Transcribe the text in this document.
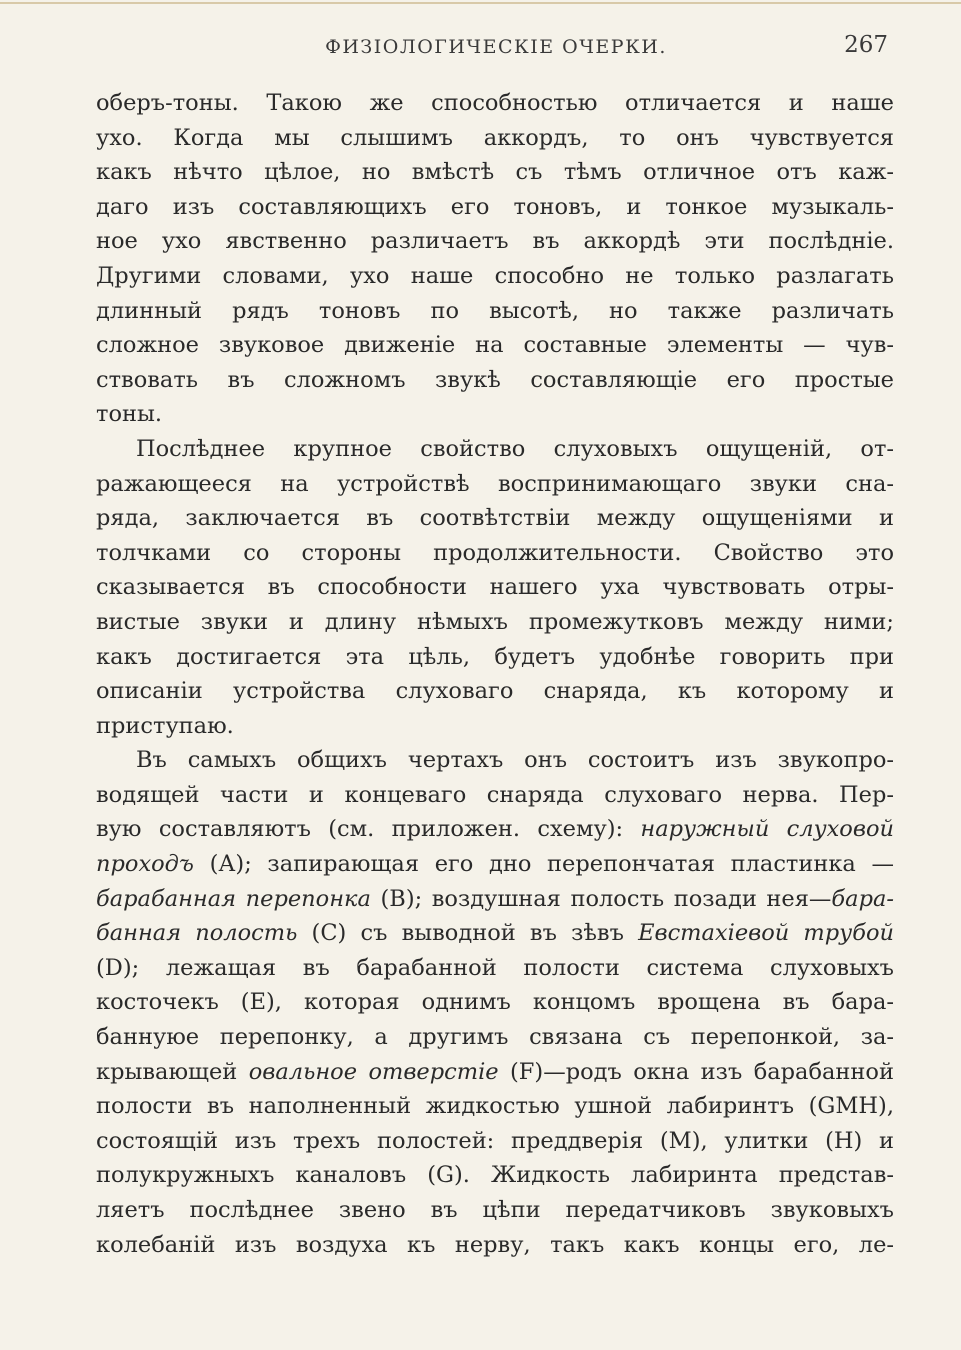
ФИЗІОЛОГИЧЕСКІЕ ОЧЕРКИ.	267
оберъ-тоны. Такою же способностью отличается и наше
ухо. Когда мы слышимъ аккордъ, то онъ чувствуется
какъ нѣчто цѣлое, но вмѣстѣ съ тѣмъ отличное отъ каж-
даго изъ составляющихъ его тоновъ, и тонкое музыкаль-
ное ухо явственно различаетъ въ аккордѣ эти послѣдніе.
Другими словами, ухо наше способно не только разлагать
длинный рядъ тоновъ по высотѣ, но также различать
сложное звуковое движеніе на составные элементы — чув-
ствовать въ сложномъ звукѣ составляющіе его простые
тоны.
Послѣднее крупное свойство слуховыхъ ощущеній, от-
ражающееся на устройствѣ воспринимающаго звуки сна-
ряда, заключается въ соотвѣтствіи между ощущеніями и
толчками со стороны продолжительности. Свойство это
сказывается въ способности нашего уха чувствовать отры-
вистые звуки и длину нѣмыхъ промежутковъ между ними;
какъ достигается эта цѣль, будетъ удобнѣе говорить при
описаніи устройства слуховаго снаряда, къ которому и
приступаю.
Въ самыхъ общихъ чертахъ онъ состоитъ изъ звукопро-
водящей части и концеваго снаряда слуховаго нерва. Пер-
вую составляютъ (см. приложен. схему): наружный слуховой
проходъ (А); запирающая его дно перепончатая пластинка —
барабанная перепонка (В); воздушная полость позади нея—бара-
банная полость (С) съ выводной въ зѣвъ Евстахіевой трубой
(D); лежащая въ барабанной полости система слуховыхъ
косточекъ (Е), которая однимъ концомъ врощена въ бара-
баннуюе перепонку, а другимъ связана съ перепонкой, за-
крывающей овальное отверстіе (F)—родъ окна изъ барабанной
полости въ наполненный жидкостью ушной лабиринтъ (GMH),
состоящій изъ трехъ полостей: преддверія (M), улитки (H) и
полукружныхъ каналовъ (G). Жидкость лабиринта представ-
ляетъ послѣднее звено въ цѣпи передатчиковъ звуковыхъ
колебаній изъ воздуха къ нерву, такъ какъ концы его, ле-
